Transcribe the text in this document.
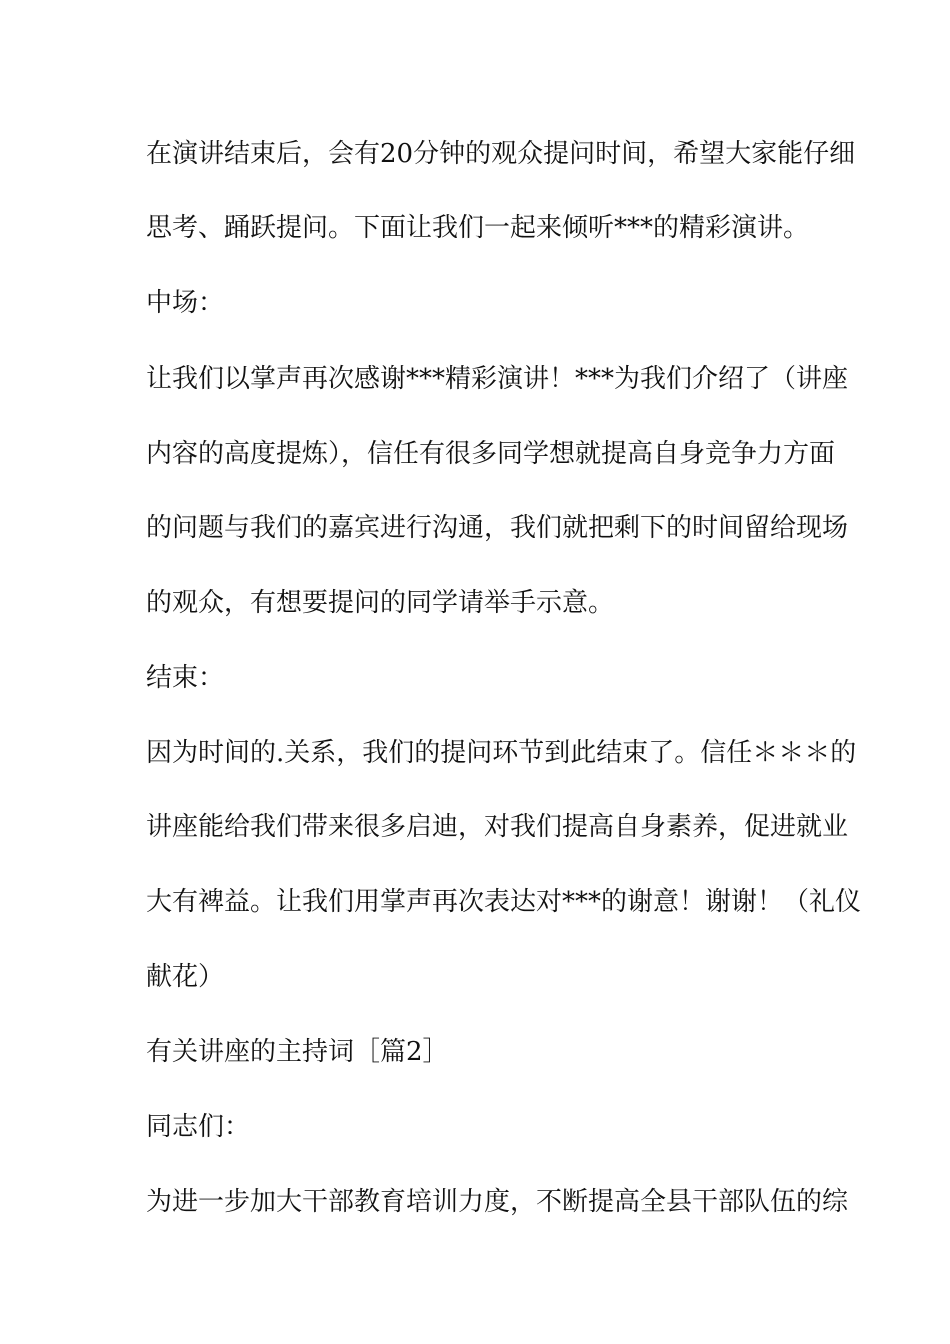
在演讲结束后，会有20分钟的观众提问时间，希望大家能仔细
思考、踊跃提问。下面让我们一起来倾听***的精彩演讲。
中场：
让我们以掌声再次感谢***精彩演讲！***为我们介绍了（讲座
内容的高度提炼），信任有很多同学想就提高自身竞争力方面
的问题与我们的嘉宾进行沟通，我们就把剩下的时间留给现场
的观众，有想要提问的同学请举手示意。
结束：
因为时间的.关系，我们的提问环节到此结束了。信任＊＊＊的
讲座能给我们带来很多启迪，对我们提高自身素养，促进就业
大有裨益。让我们用掌声再次表达对***的谢意！谢谢！（礼仪
献花）
有关讲座的主持词［篇2］
同志们：
为进一步加大干部教育培训力度，不断提高全县干部队伍的综
